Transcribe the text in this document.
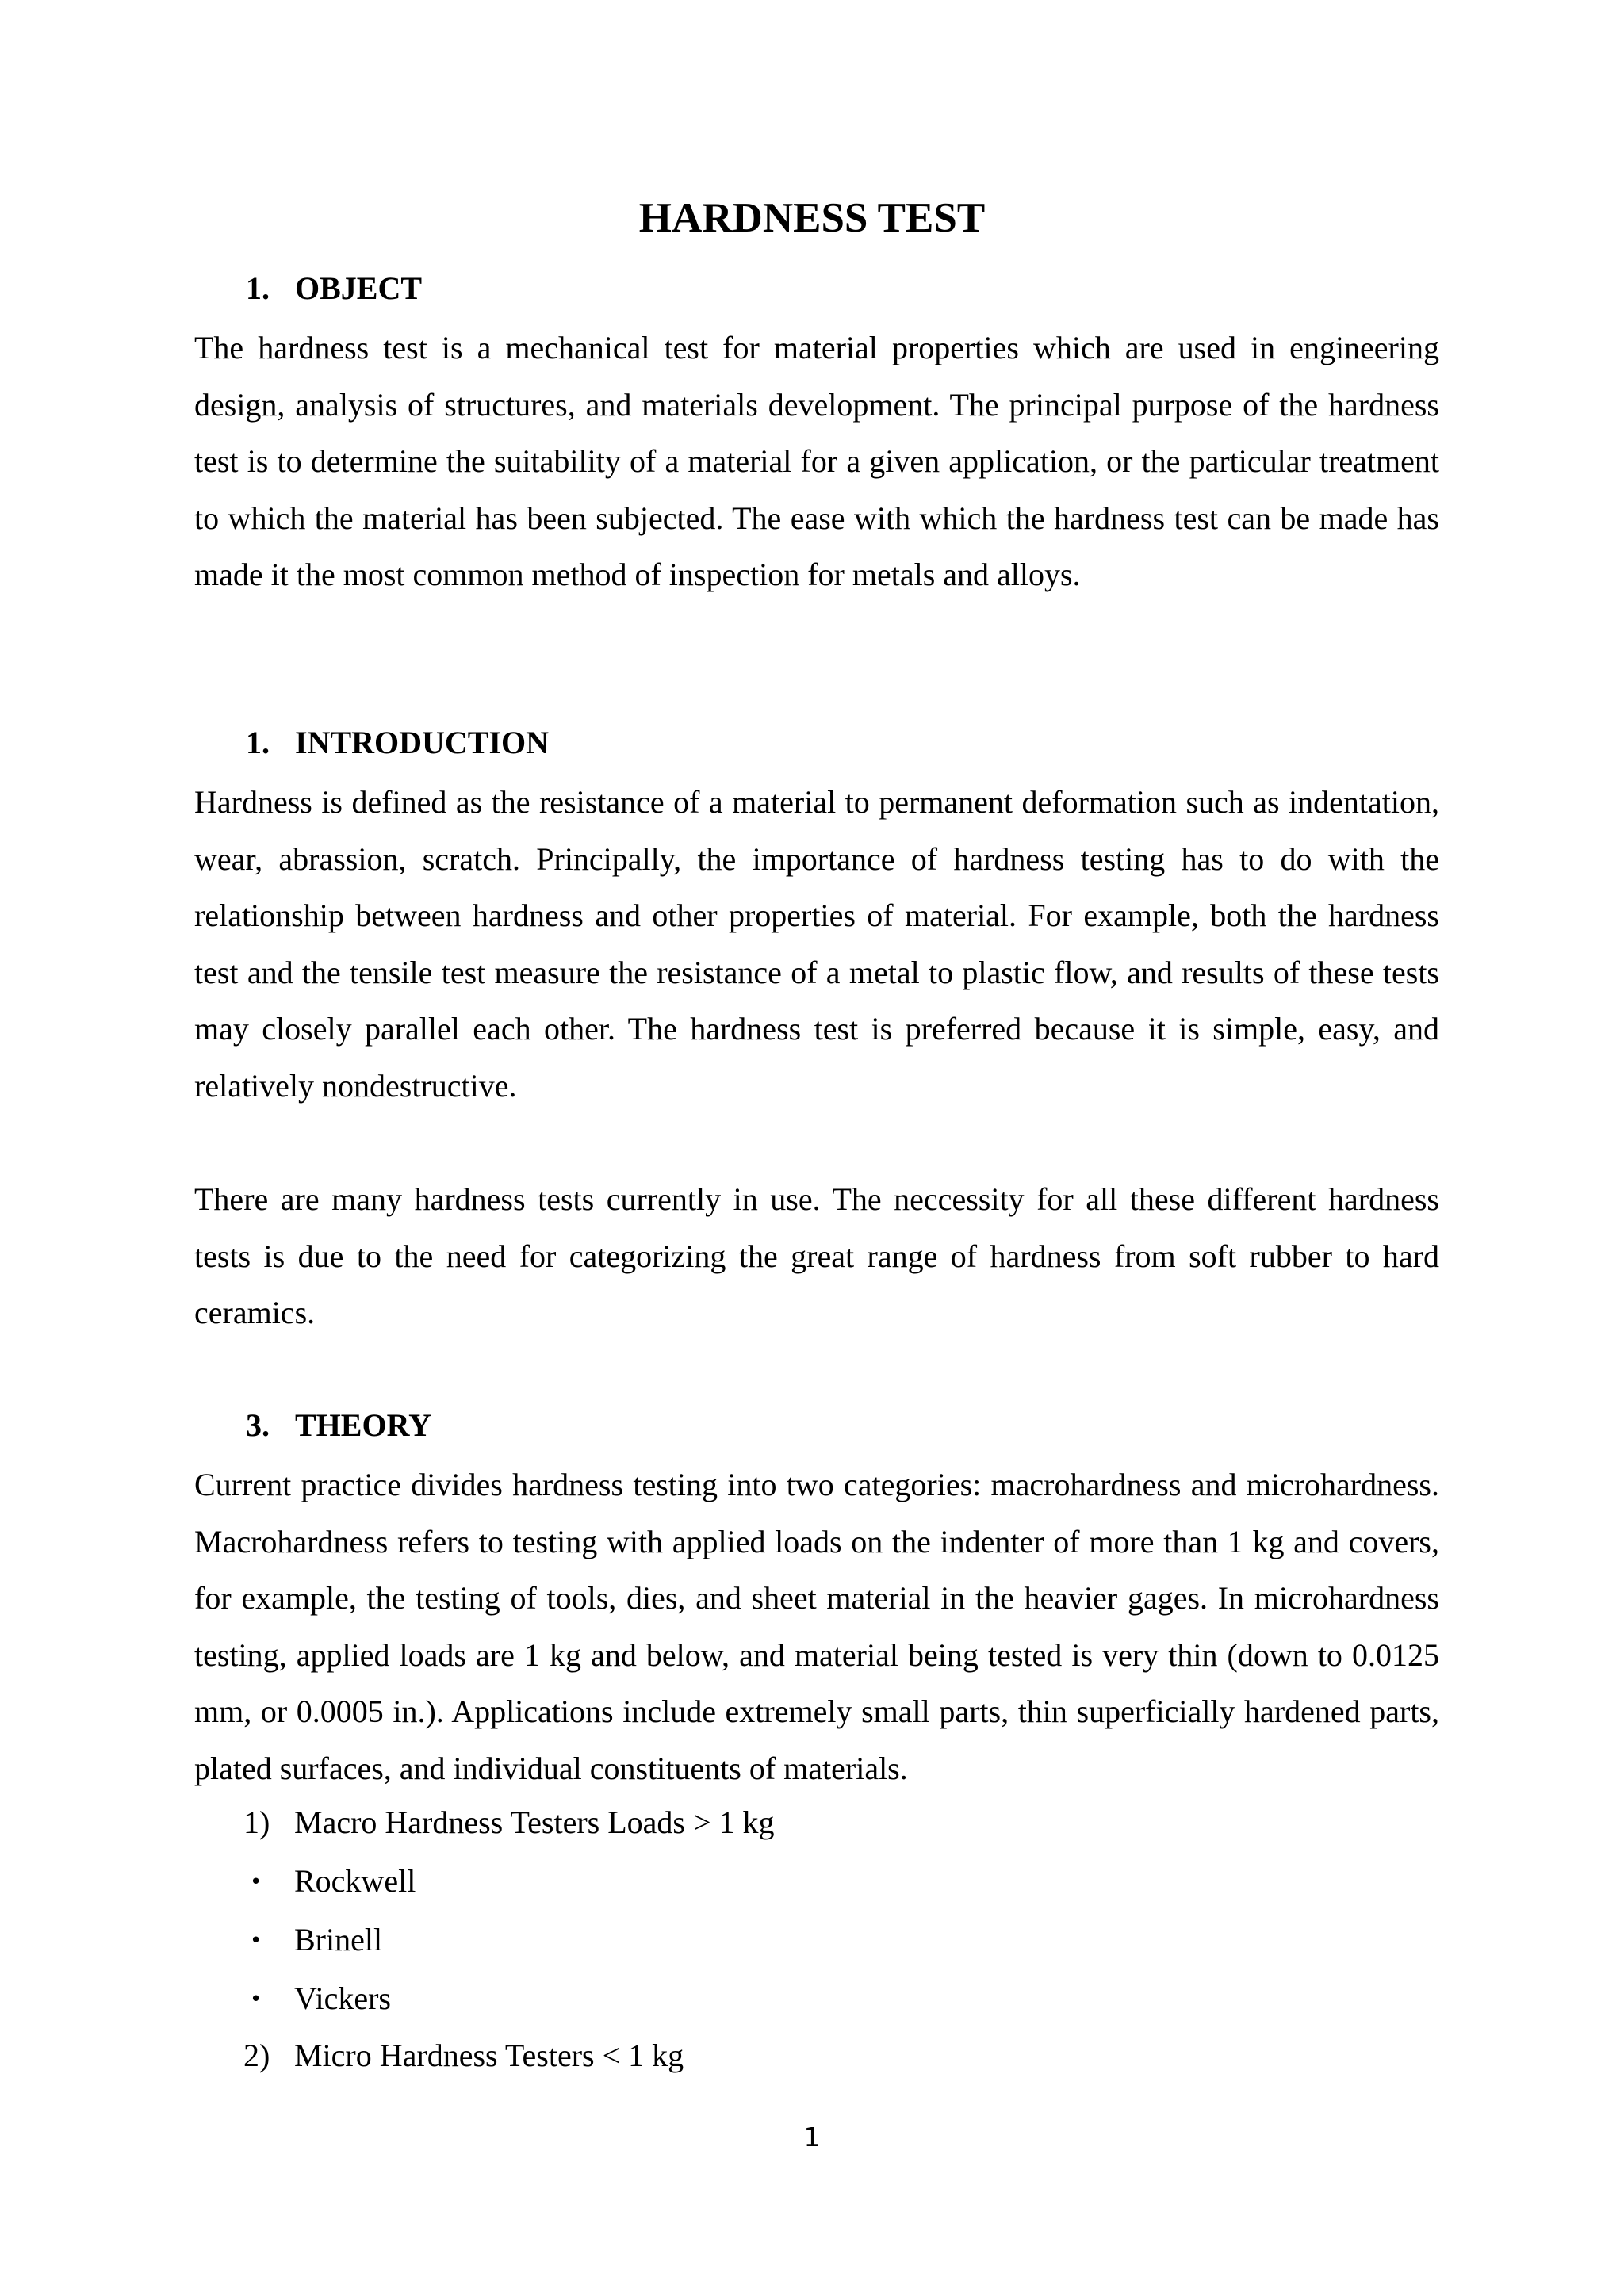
HARDNESS TEST
1. OBJECT

The hardness test is a mechanical test for material properties which are used in engineering design, analysis of structures, and materials development. The principal purpose of the hardness test is to determine the suitability of a material for a given application, or the particular treatment to which the material has been subjected. The ease with which the hardness test can be made has made it the most common method of inspection for metals and alloys.

1. INTRODUCTION

Hardness is defined as the resistance of a material to permanent deformation such as indentation, wear, abrassion, scratch. Principally, the importance of hardness testing has to do with the relationship between hardness and other properties of material. For example, both the hardness test and the tensile test measure the resistance of a metal to plastic flow, and results of these tests may closely parallel each other. The hardness test is preferred because it is simple, easy, and relatively nondestructive.

There are many hardness tests currently in use. The neccessity for all these different hardness tests is due to the need for categorizing the great range of hardness from soft rubber to hard ceramics.

3. THEORY

Current practice divides hardness testing into two categories: macrohardness and microhardness. Macrohardness refers to testing with applied loads on the indenter of more than 1 kg and covers, for example, the testing of tools, dies, and sheet material in the heavier gages. In microhardness testing, applied loads are 1 kg and below, and material being tested is very thin (down to 0.0125 mm, or 0.0005 in.). Applications include extremely small parts, thin superficially hardened parts, plated surfaces, and individual constituents of materials.

1) Macro Hardness Testers Loads > 1 kg
• Rockwell
• Brinell
• Vickers
2) Micro Hardness Testers < 1 kg
1
